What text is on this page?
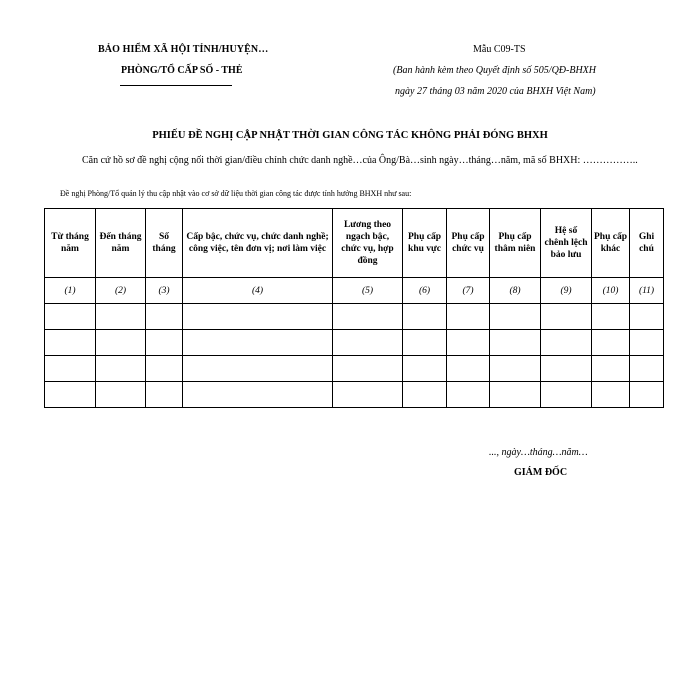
BẢO HIỂM XÃ HỘI TỈNH/HUYỆN…
PHÒNG/TỔ CẤP SỐ - THẺ
Mẫu C09-TS
(Ban hành kèm theo Quyết định số 505/QĐ-BHXH
ngày 27 tháng 03 năm 2020 của BHXH Việt Nam)
PHIẾU ĐỀ NGHỊ CẬP NHẬT THỜI GIAN CÔNG TÁC KHÔNG PHẢI ĐÓNG BHXH
Căn cứ hồ sơ đề nghị cộng nối thời gian/điều chỉnh chức danh nghề…của Ông/Bà…sinh ngày…tháng…năm, mã số BHXH: ……………..
Đề nghị Phòng/Tổ quản lý thu cập nhật vào cơ sở dữ liệu thời gian công tác được tính hưởng BHXH như sau:
Từ tháng năm	Đến tháng năm	Số tháng	Cấp bậc, chức vụ, chức danh nghề; công việc, tên đơn vị; nơi làm việc	Lương theo ngạch bậc, chức vụ, hợp đồng	Phụ cấp khu vực	Phụ cấp chức vụ	Phụ cấp thâm niên	Hệ số chênh lệch bảo lưu	Phụ cấp khác	Ghi chú
(1)	(2)	(3)	(4)	(5)	(6)	(7)	(8)	(9)	(10)	(11)

..., ngày…tháng…năm…
GIÁM ĐỐC
